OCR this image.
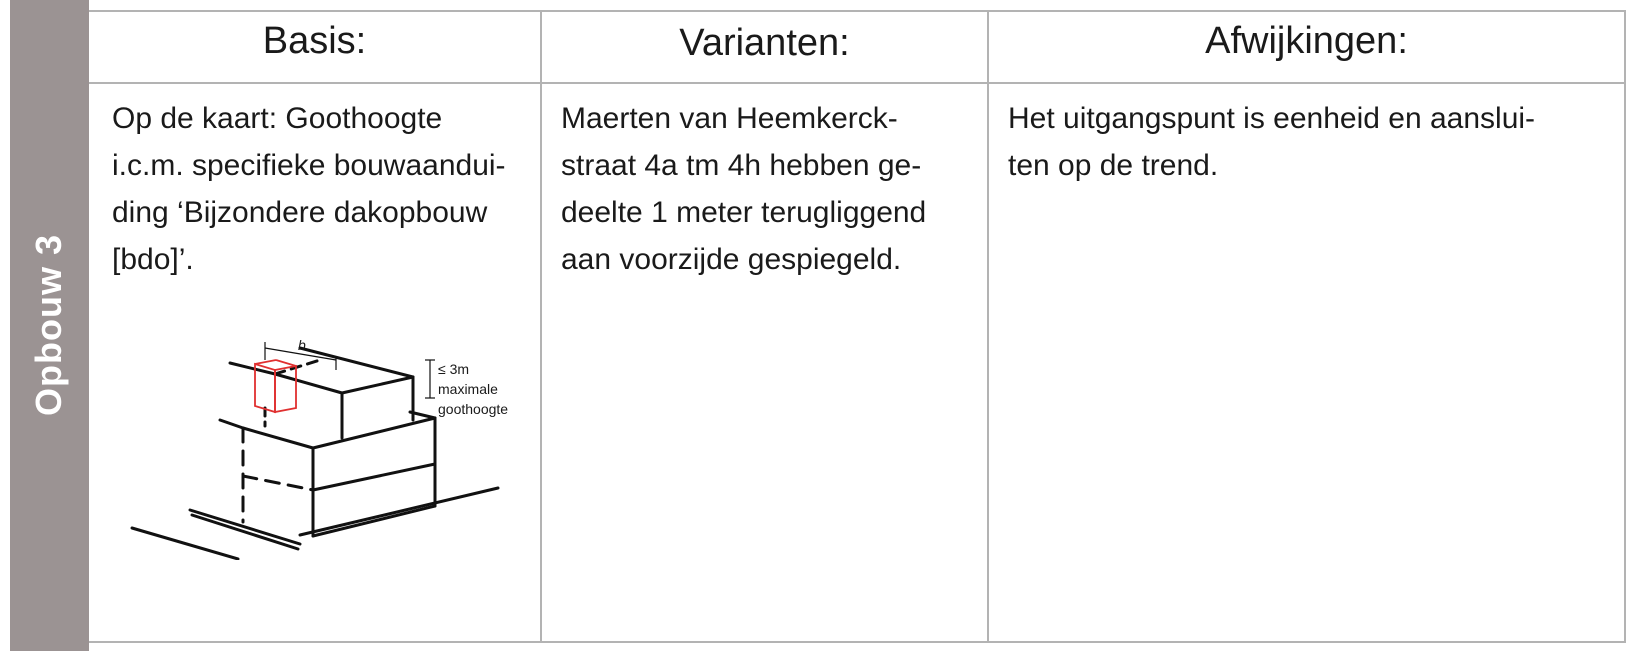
Opbouw 3
Basis:	Varianten:	Afwijkingen:
Op de kaart: Goothoogte
i.c.m. specifieke bouwaandui-
ding ‘Bijzondere dakopbouw
[bdo]’.
Maerten van Heemkerck-
straat 4a tm 4h hebben ge-
deelte 1 meter terugliggend
aan voorzijde gespiegeld.
Het uitgangspunt is eenheid en aanslui-
ten op de trend.
b
≤ 3m
maximale
goothoogte
